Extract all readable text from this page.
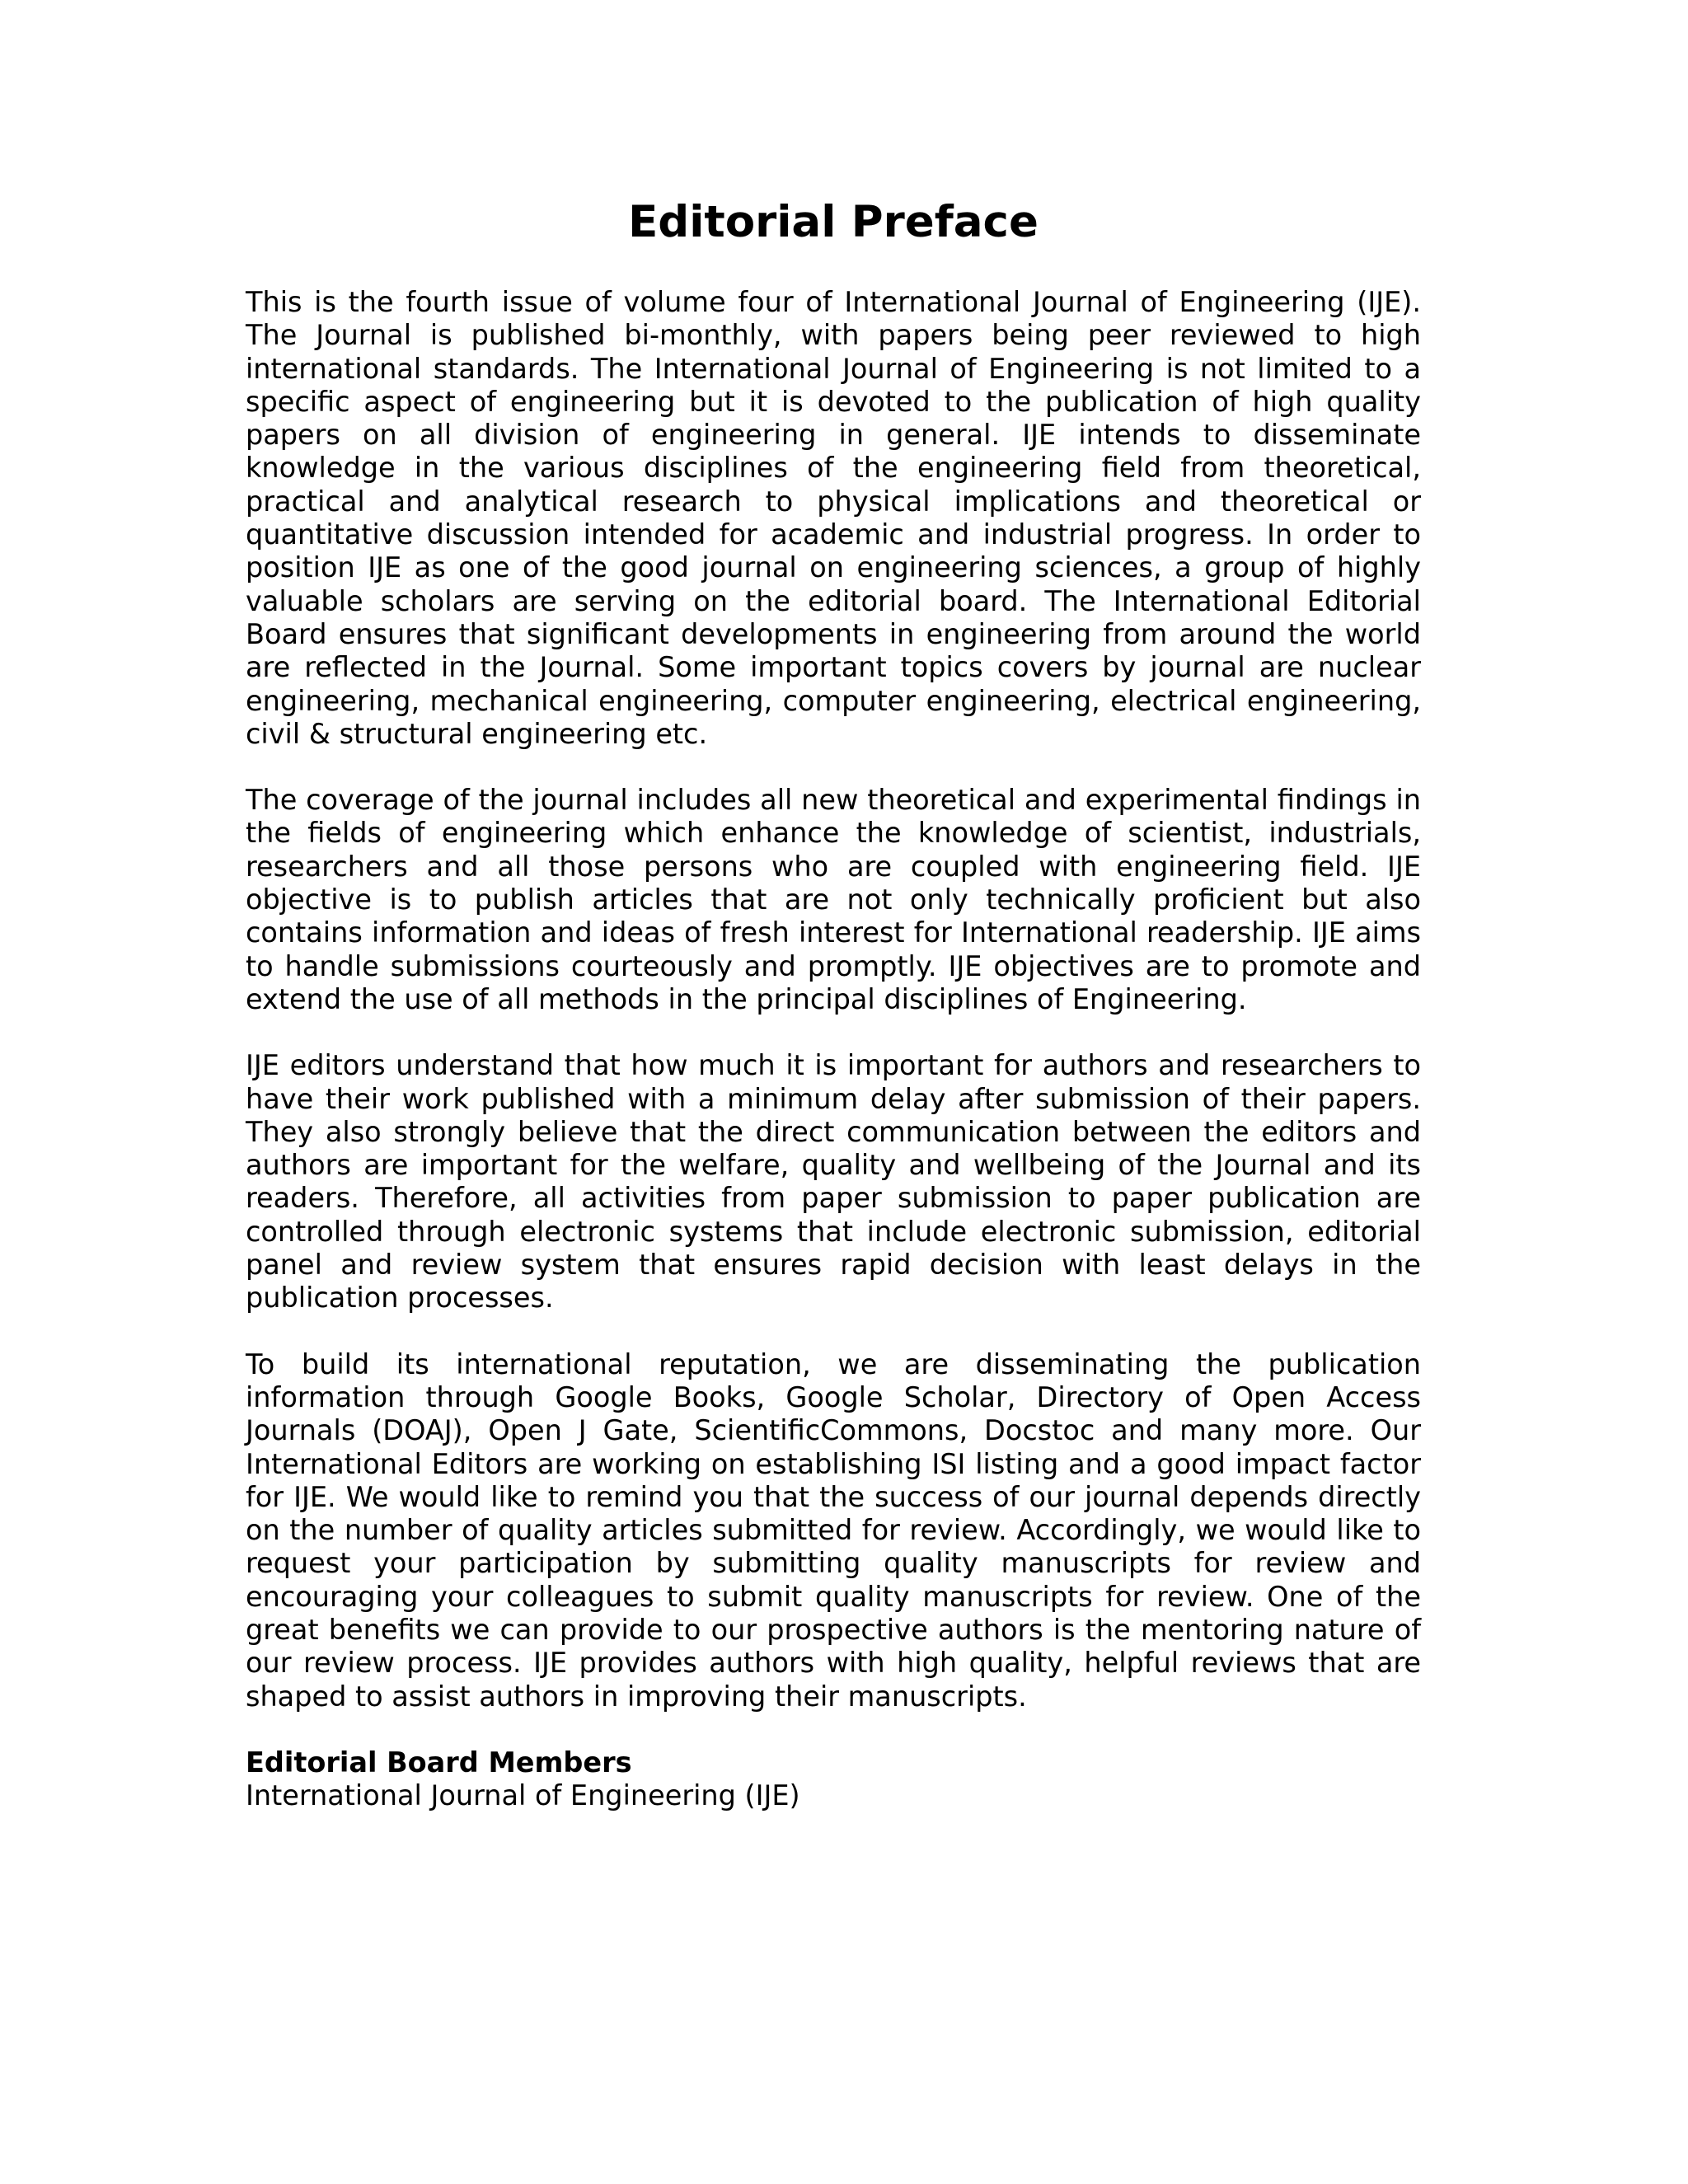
Editorial Preface

This is the fourth issue of volume four of International Journal of Engineering (IJE). The Journal is published bi-monthly, with papers being peer reviewed to high international standards. The International Journal of Engineering is not limited to a specific aspect of engineering but it is devoted to the publication of high quality papers on all division of engineering in general. IJE intends to disseminate knowledge in the various disciplines of the engineering field from theoretical, practical and analytical research to physical implications and theoretical or quantitative discussion intended for academic and industrial progress. In order to position IJE as one of the good journal on engineering sciences, a group of highly valuable scholars are serving on the editorial board. The International Editorial Board ensures that significant developments in engineering from around the world are reflected in the Journal. Some important topics covers by journal are nuclear engineering, mechanical engineering, computer engineering, electrical engineering, civil & structural engineering etc.

The coverage of the journal includes all new theoretical and experimental findings in the fields of engineering which enhance the knowledge of scientist, industrials, researchers and all those persons who are coupled with engineering field. IJE objective is to publish articles that are not only technically proficient but also contains information and ideas of fresh interest for International readership. IJE aims to handle submissions courteously and promptly. IJE objectives are to promote and extend the use of all methods in the principal disciplines of Engineering.

IJE editors understand that how much it is important for authors and researchers to have their work published with a minimum delay after submission of their papers. They also strongly believe that the direct communication between the editors and authors are important for the welfare, quality and wellbeing of the Journal and its readers. Therefore, all activities from paper submission to paper publication are controlled through electronic systems that include electronic submission, editorial panel and review system that ensures rapid decision with least delays in the publication processes.

To build its international reputation, we are disseminating the publication information through Google Books, Google Scholar, Directory of Open Access Journals (DOAJ), Open J Gate, ScientificCommons, Docstoc and many more. Our International Editors are working on establishing ISI listing and a good impact factor for IJE. We would like to remind you that the success of our journal depends directly on the number of quality articles submitted for review. Accordingly, we would like to request your participation by submitting quality manuscripts for review and encouraging your colleagues to submit quality manuscripts for review. One of the great benefits we can provide to our prospective authors is the mentoring nature of our review process. IJE provides authors with high quality, helpful reviews that are shaped to assist authors in improving their manuscripts.

Editorial Board Members

International Journal of Engineering (IJE)
